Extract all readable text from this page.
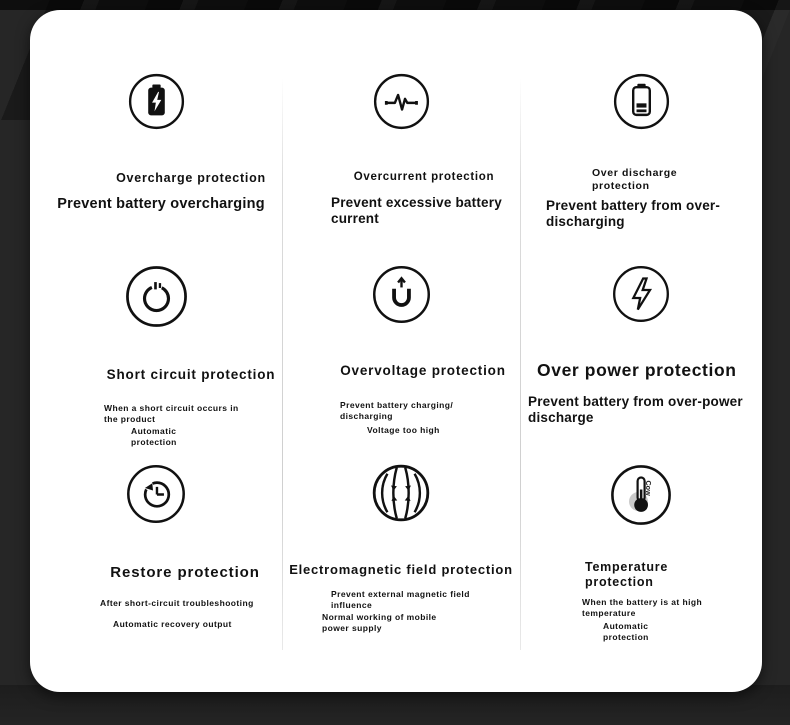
Overcharge protection
Prevent battery overcharging
Overcurrent protection
Prevent excessive battery current
Over discharge protection
Prevent battery from over-discharging
Short circuit protection
When a short circuit occurs in the product
Automatic protection
Overvoltage protection
Prevent battery charging/ discharging
Voltage too high
Over power protection
Prevent battery from over-power discharge
Restore protection
After short-circuit troubleshooting
Automatic recovery output
Electromagnetic field protection
Prevent external magnetic field influence
Normal working of mobile power supply
Cow
Temperature protection
When the battery is at high temperature
Automatic protection
